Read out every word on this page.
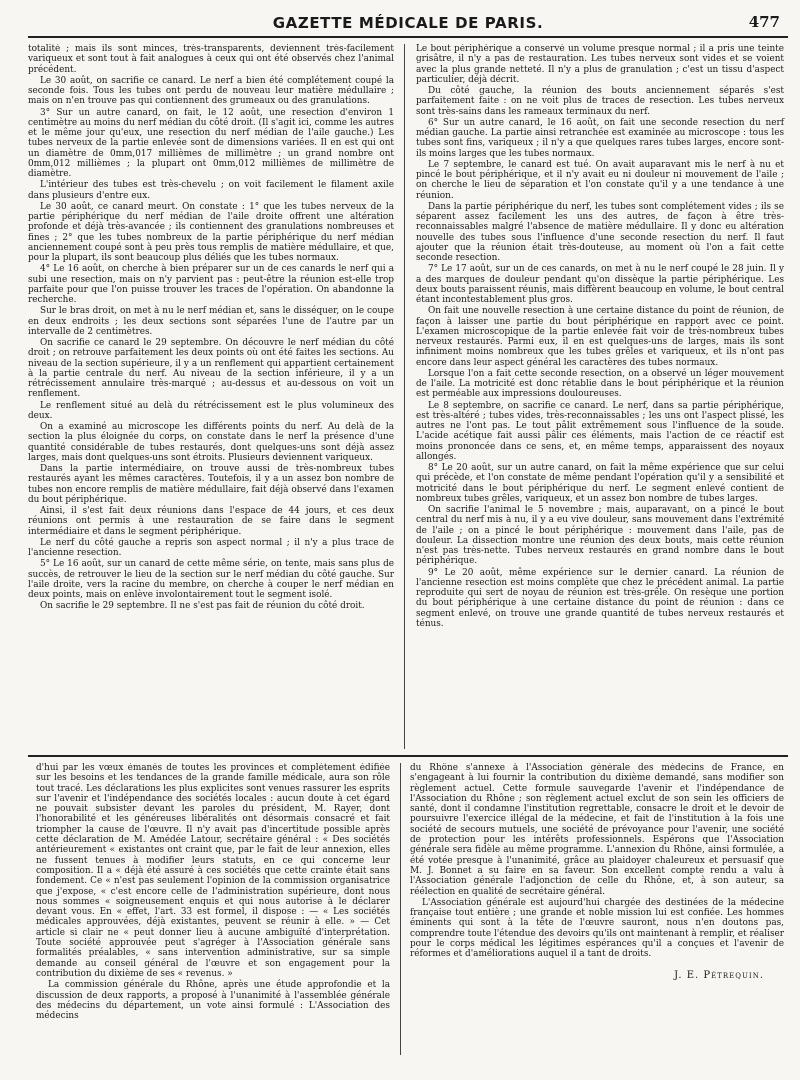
GAZETTE MÉDICALE DE PARIS.	477

totalité ; mais ils sont minces, très-transparents, deviennent très-facilement variqueux et sont tout à fait analogues à ceux qui ont été observés chez l'animal précédent.

Le 30 août, on sacrifie ce canard. Le nerf a bien été complétement coupé la seconde fois. Tous les tubes ont perdu de nouveau leur matière médullaire ; mais on n'en trouve pas qui contiennent des grumeaux ou des granulations.

3° Sur un autre canard, on fait, le 12 août, une resection d'environ 1 centimètre au moins du nerf médian du côté droit. (Il s'agit ici, comme les autres et le même jour qu'eux, une resection du nerf médian de l'aile gauche.) Les tubes nerveux de la partie enlevée sont de dimensions variées. Il en est qui ont un diamètre de 0mm,017 millièmes de millimètre ; un grand nombre ont 0mm,012 millièmes ; la plupart ont 0mm,012 millièmes de millimètre de diamètre.

L'intérieur des tubes est très-chevelu ; on voit facilement le filament axile dans plusieurs d'entre eux.

Le 30 août, ce canard meurt. On constate : 1° que les tubes nerveux de la partie périphérique du nerf médian de l'aile droite offrent une altération profonde et déjà très-avancée ; ils contiennent des granulations nombreuses et fines ; 2° que les tubes nombreux de la partie périphérique du nerf médian anciennement coupé sont à peu près tous remplis de matière médullaire, et que, pour la plupart, ils sont beaucoup plus déliés que les tubes normaux.

4° Le 16 août, on cherche à bien préparer sur un de ces canards le nerf qui a subi une resection, mais on n'y parvient pas : peut-être la réunion est-elle trop parfaite pour que l'on puisse trouver les traces de l'opération. On abandonne la recherche.

Sur le bras droit, on met à nu le nerf médian et, sans le disséquer, on le coupe en deux endroits ; les deux sections sont séparées l'une de l'autre par un intervalle de 2 centimètres.

On sacrifie ce canard le 29 septembre. On découvre le nerf médian du côté droit ; on retrouve parfaitement les deux points où ont été faites les sections. Au niveau de la section supérieure, il y a un renflement qui appartient certainement à la partie centrale du nerf. Au niveau de la section inférieure, il y a un rétrécissement annulaire très-marqué ; au-dessus et au-dessous on voit un renflement.

Le renflement situé au delà du rétrécissement est le plus volumineux des deux.

On a examiné au microscope les différents points du nerf. Au delà de la section la plus éloignée du corps, on constate dans le nerf la présence d'une quantité considérable de tubes restaurés, dont quelques-uns sont déjà assez larges, mais dont quelques-uns sont étroits. Plusieurs deviennent variqueux.

Dans la partie intermédiaire, on trouve aussi de très-nombreux tubes restaurés ayant les mêmes caractères. Toutefois, il y a un assez bon nombre de tubes non encore remplis de matière médullaire, fait déjà observé dans l'examen du bout périphérique.

Ainsi, il s'est fait deux réunions dans l'espace de 44 jours, et ces deux réunions ont permis à une restauration de se faire dans le segment intermédiaire et dans le segment périphérique.

Le nerf du côté gauche a repris son aspect normal ; il n'y a plus trace de l'ancienne resection.

5° Le 16 août, sur un canard de cette même série, on tente, mais sans plus de succès, de retrouver le lieu de la section sur le nerf médian du côté gauche. Sur l'aile droite, vers la racine du membre, on cherche à couper le nerf médian en deux points, mais on enlève involontairement tout le segment isolé.

On sacrifie le 29 septembre. Il ne s'est pas fait de réunion du côté droit.

Le bout périphérique a conservé un volume presque normal ; il a pris une teinte grisâtre, il n'y a pas de restauration. Les tubes nerveux sont vides et se voient avec la plus grande netteté. Il n'y a plus de granulation ; c'est un tissu d'aspect particulier, déjà décrit.

Du côté gauche, la réunion des bouts anciennement séparés s'est parfaitement faite : on ne voit plus de traces de resection. Les tubes nerveux sont très-sains dans les rameaux terminaux du nerf.

6° Sur un autre canard, le 16 août, on fait une seconde resection du nerf médian gauche. La partie ainsi retranchée est examinée au microscope : tous les tubes sont fins, variqueux ; il n'y a que quelques rares tubes larges, encore sont-ils moins larges que les tubes normaux.

Le 7 septembre, le canard est tué. On avait auparavant mis le nerf à nu et pincé le bout périphérique, et il n'y avait eu ni douleur ni mouvement de l'aile ; on cherche le lieu de séparation et l'on constate qu'il y a une tendance à une réunion.

Dans la partie périphérique du nerf, les tubes sont complétement vides ; ils se séparent assez facilement les uns des autres, de façon à être très-reconnaissables malgré l'absence de matière médullaire. Il y donc eu altération nouvelle des tubes sous l'influence d'une seconde resection du nerf. Il faut ajouter que la réunion était très-douteuse, au moment où l'on a fait cette seconde resection.

7° Le 17 août, sur un de ces canards, on met à nu le nerf coupé le 28 juin. Il y a des marques de douleur pendant qu'on dissèque la partie périphérique. Les deux bouts paraissent réunis, mais diffèrent beaucoup en volume, le bout central étant incontestablement plus gros.

On fait une nouvelle resection à une certaine distance du point de réunion, de façon à laisser une partie du bout périphérique en rapport avec ce point. L'examen microscopique de la partie enlevée fait voir de très-nombreux tubes nerveux restaurés. Parmi eux, il en est quelques-uns de larges, mais ils sont infiniment moins nombreux que les tubes grêles et variqueux, et ils n'ont pas encore dans leur aspect général les caractères des tubes normaux.

Lorsque l'on a fait cette seconde resection, on a observé un léger mouvement de l'aile. La motricité est donc rétablie dans le bout périphérique et la réunion est perméable aux impressions douloureuses.

Le 8 septembre, on sacrifie ce canard. Le nerf, dans sa partie périphérique, est très-altéré ; tubes vides, très-reconnaissables ; les uns ont l'aspect plissé, les autres ne l'ont pas. Le tout pâlit extrêmement sous l'influence de la soude. L'acide acétique fait aussi pâlir ces éléments, mais l'action de ce réactif est moins prononcée dans ce sens, et, en même temps, apparaissent des noyaux allongés.

8° Le 20 août, sur un autre canard, on fait la même expérience que sur celui qui précède, et l'on constate de même pendant l'opération qu'il y a sensibilité et motricité dans le bout périphérique du nerf. Le segment enlevé contient de nombreux tubes grêles, variqueux, et un assez bon nombre de tubes larges.

On sacrifie l'animal le 5 novembre ; mais, auparavant, on a pincé le bout central du nerf mis à nu, il y a eu vive douleur, sans mouvement dans l'extrémité de l'aile ; on a pincé le bout périphérique : mouvement dans l'aile, pas de douleur. La dissection montre une réunion des deux bouts, mais cette réunion n'est pas très-nette. Tubes nerveux restaurés en grand nombre dans le bout périphérique.

9° Le 20 août, même expérience sur le dernier canard. La réunion de l'ancienne resection est moins complète que chez le précédent animal. La partie reproduite qui sert de noyau de réunion est très-grêle. On resèque une portion du bout périphérique à une certaine distance du point de réunion : dans ce segment enlevé, on trouve une grande quantité de tubes nerveux restaurés et ténus.

d'hui par les vœux émanés de toutes les provinces et complétement édifiée sur les besoins et les tendances de la grande famille médicale, aura son rôle tout tracé. Les déclarations les plus explicites sont venues rassurer les esprits sur l'avenir et l'indépendance des sociétés locales : aucun doute à cet égard ne pouvait subsister devant les paroles du président, M. Rayer, dont l'honorabilité et les généreuses libéralités ont désormais consacré et fait triompher la cause de l'œuvre. Il n'y avait pas d'incertitude possible après cette déclaration de M. Amédée Latour, secrétaire général : « Des sociétés antérieurement « existantes ont craint que, par le fait de leur annexion, elles ne fussent tenues à modifier leurs statuts, en ce qui concerne leur composition. Il a « déjà été assuré à ces sociétés que cette crainte était sans fondement. Ce « n'est pas seulement l'opinion de la commission organisatrice que j'expose, « c'est encore celle de l'administration supérieure, dont nous nous sommes « soigneusement enquis et qui nous autorise à le déclarer devant vous. En « effet, l'art. 33 est formel, il dispose : — « Les sociétés médicales approuvées, déjà existantes, peuvent se réunir à elle. » — Cet article si clair ne « peut donner lieu à aucune ambiguïté d'interprétation. Toute société approuvée peut s'agréger à l'Association générale sans formalités préalables, « sans intervention administrative, sur sa simple demande au conseil général de l'œuvre et son engagement pour la contribution du dixième de ses « revenus. »

La commission générale du Rhône, après une étude approfondie et la discussion de deux rapports, a proposé à l'unanimité à l'assemblée générale des médecins du département, un vote ainsi formulé : L'Association des médecins

du Rhône s'annexe à l'Association générale des médecins de France, en s'engageant à lui fournir la contribution du dixième demandé, sans modifier son règlement actuel. Cette formule sauvegarde l'avenir et l'indépendance de l'Association du Rhône ; son règlement actuel exclut de son sein les officiers de santé, dont il condamne l'institution regrettable, consacre le droit et le devoir de poursuivre l'exercice illégal de la médecine, et fait de l'institution à la fois une société de secours mutuels, une société de prévoyance pour l'avenir, une société de protection pour les intérêts professionnels. Espérons que l'Association générale sera fidèle au même programme. L'annexion du Rhône, ainsi formulée, a été votée presque à l'unanimité, grâce au plaidoyer chaleureux et persuasif que M. J. Bonnet a su faire en sa faveur. Son excellent compte rendu a valu à l'Association générale l'adjonction de celle du Rhône, et, à son auteur, sa réélection en qualité de secrétaire général.

L'Association générale est aujourd'hui chargée des destinées de la médecine française tout entière ; une grande et noble mission lui est confiée. Les hommes éminents qui sont à la tête de l'œuvre sauront, nous n'en doutons pas, comprendre toute l'étendue des devoirs qu'ils ont maintenant à remplir, et réaliser pour le corps médical les légitimes espérances qu'il a conçues et l'avenir de réformes et d'améliorations auquel il a tant de droits.

J. E. Pétrequin.
